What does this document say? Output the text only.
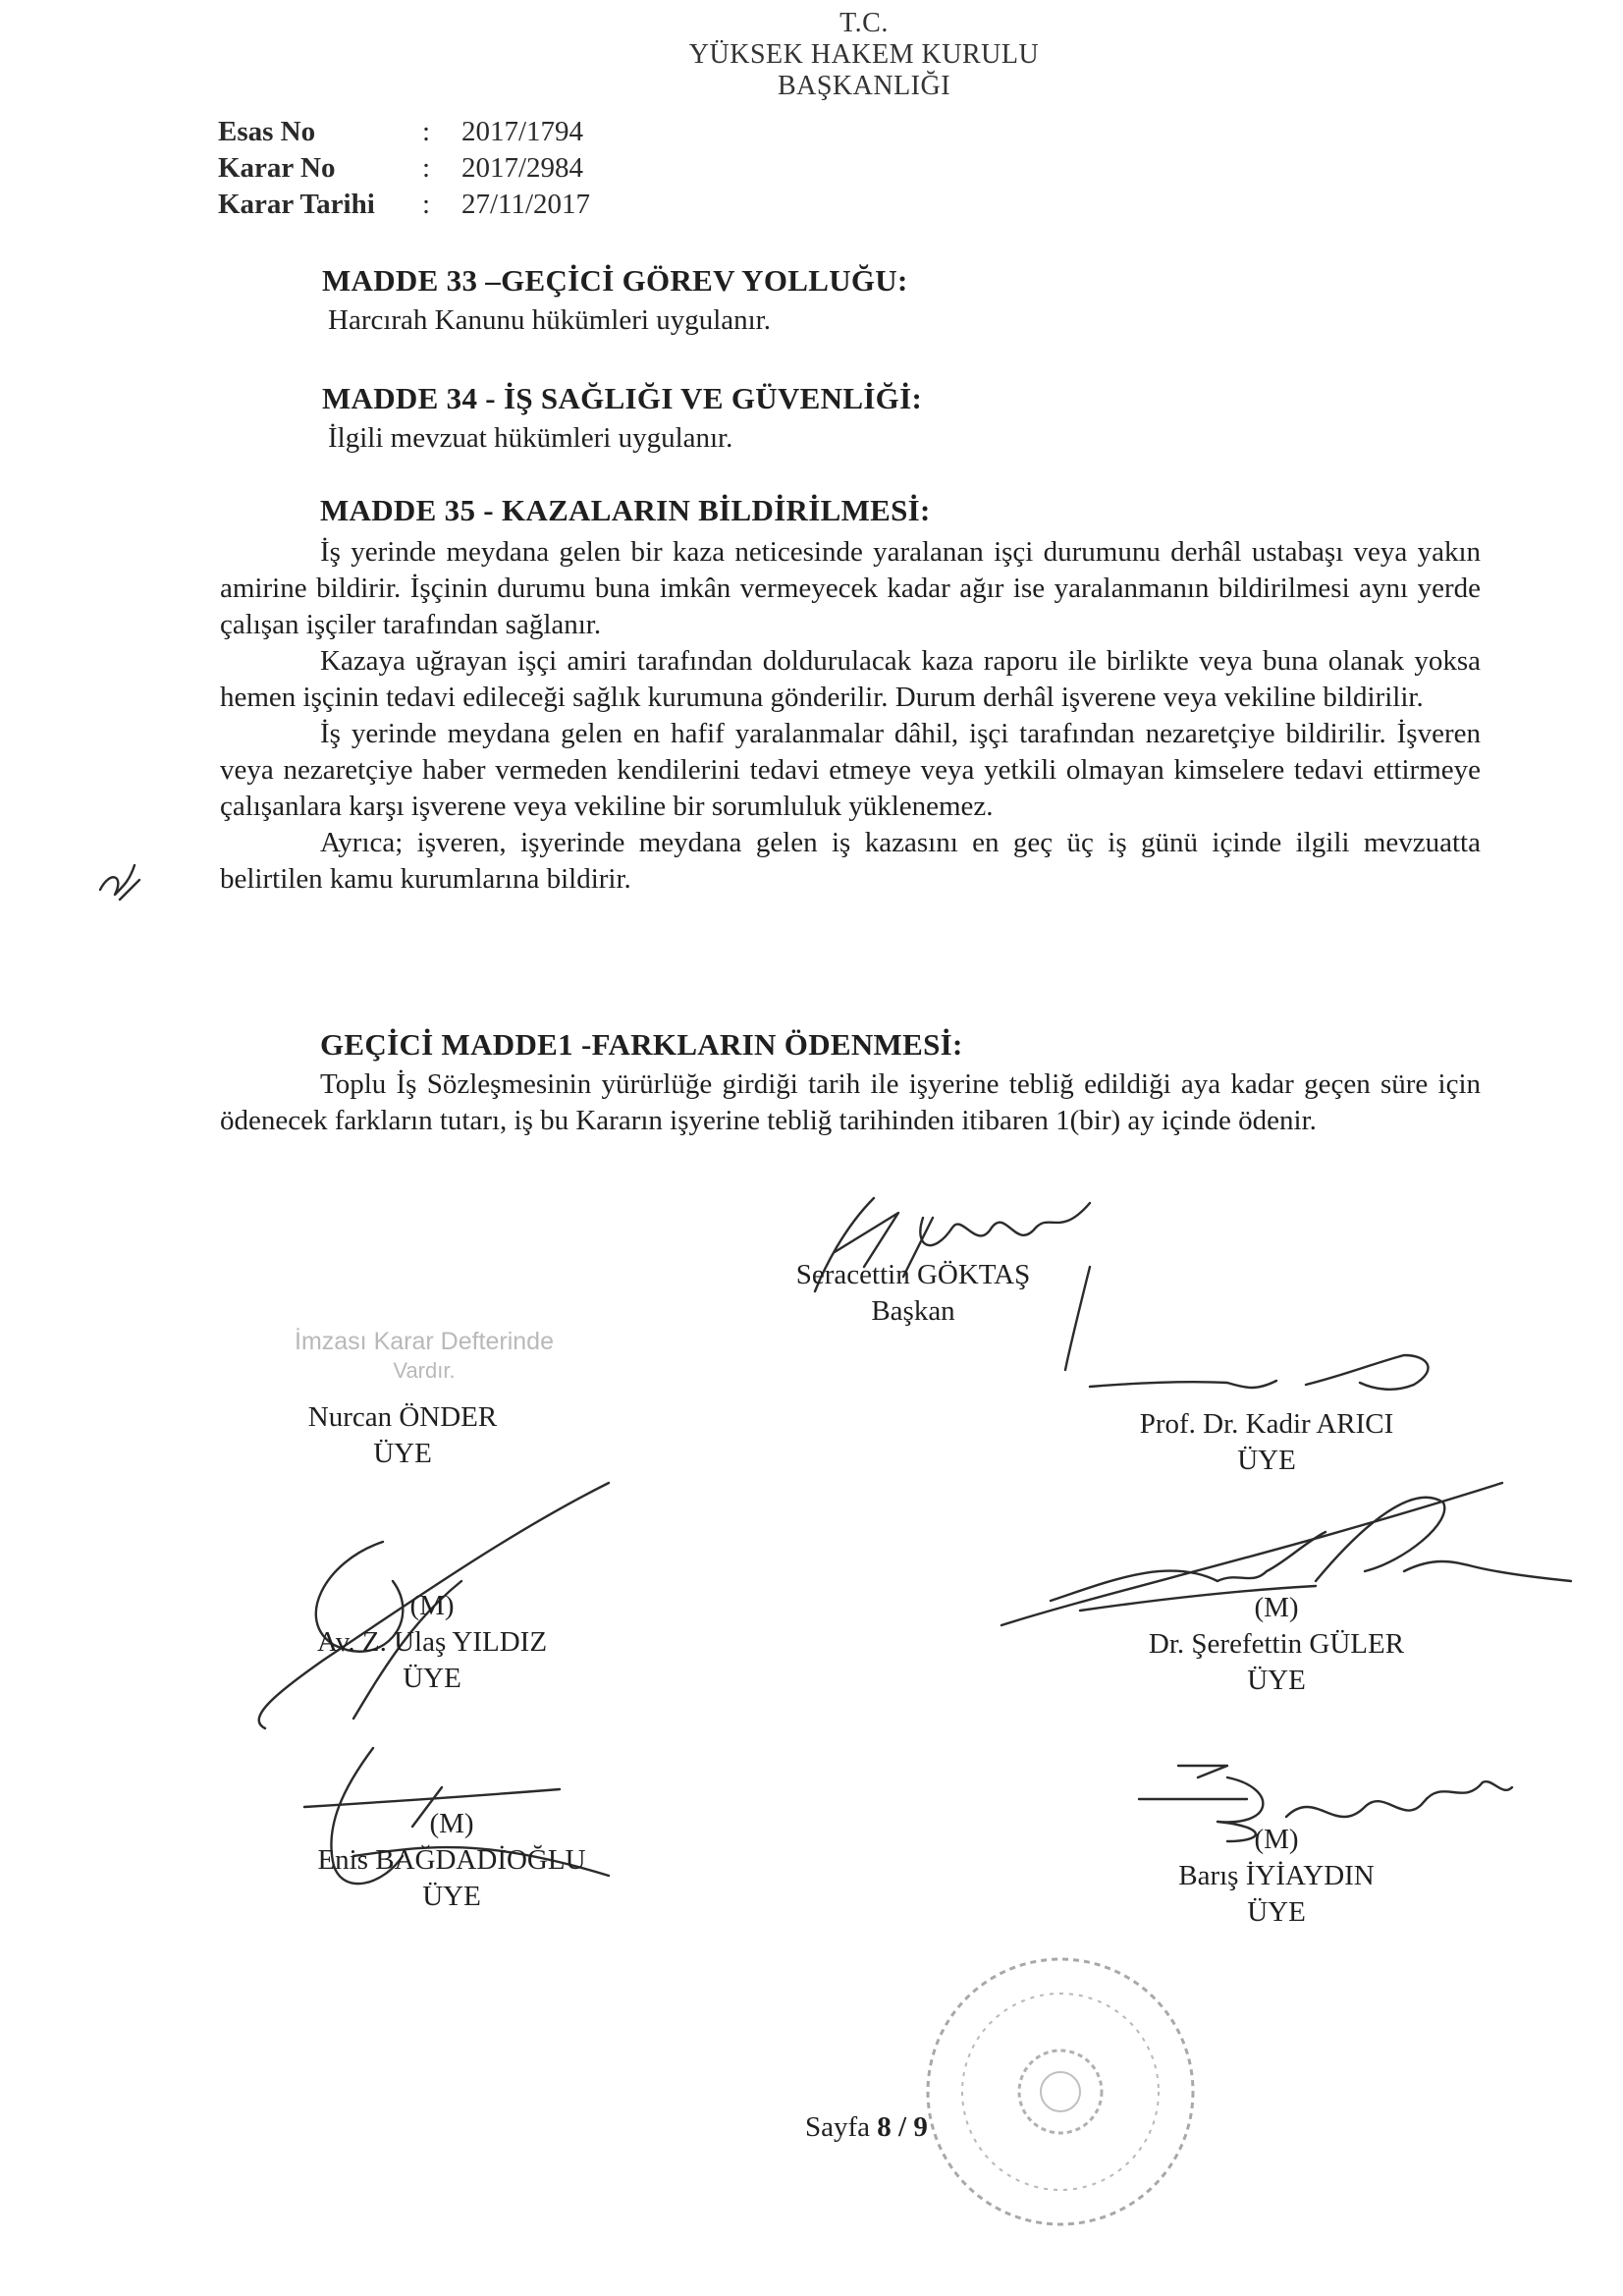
T.C.
YÜKSEK HAKEM KURULU
BAŞKANLIĞI
Esas No	: 2017/1794
Karar No	: 2017/2984
Karar Tarihi : 27/11/2017
MADDE 33 –GEÇİCİ GÖREV YOLLUĞU:

Harcırah Kanunu hükümleri uygulanır.

MADDE 34 - İŞ SAĞLIĞI VE GÜVENLİĞİ:

İlgili mevzuat hükümleri uygulanır.

MADDE 35 - KAZALARIN BİLDİRİLMESİ:

İş yerinde meydana gelen bir kaza neticesinde yaralanan işçi durumunu derhâl ustabaşı veya yakın amirine bildirir. İşçinin durumu buna imkân vermeyecek kadar ağır ise yaralanmanın bildirilmesi aynı yerde çalışan işçiler tarafından sağlanır.

Kazaya uğrayan işçi amiri tarafından doldurulacak kaza raporu ile birlikte veya buna olanak yoksa hemen işçinin tedavi edileceği sağlık kurumuna gönderilir. Durum derhâl işverene veya vekiline bildirilir.

İş yerinde meydana gelen en hafif yaralanmalar dâhil, işçi tarafından nezaretçiye bildirilir. İşveren veya nezaretçiye haber vermeden kendilerini tedavi etmeye veya yetkili olmayan kimselere tedavi ettirmeye çalışanlara karşı işverene veya vekiline bir sorumluluk yüklenemez.

Ayrıca; işveren, işyerinde meydana gelen iş kazasını en geç üç iş günü içinde ilgili mevzuatta belirtilen kamu kurumlarına bildirir.

GEÇİCİ MADDE1 -FARKLARIN ÖDENMESİ:

Toplu İş Sözleşmesinin yürürlüğe girdiği tarih ile işyerine tebliğ edildiği aya kadar geçen süre için ödenecek farkların tutarı, iş bu Kararın işyerine tebliğ tarihinden itibaren 1(bir) ay içinde ödenir.

Seracettin GÖKTAŞ
Başkan
İmzası Karar Defterinde
Vardır.
Nurcan ÖNDER
ÜYE
Prof. Dr. Kadir ARICI
ÜYE
(M)
Av. Z. Ulaş YILDIZ
ÜYE
(M)
Dr. Şerefettin GÜLER
ÜYE
(M)
Enis BAĞDADİOĞLU
ÜYE
(M)
Barış İYİAYDIN
ÜYE
Sayfa 8 / 9
